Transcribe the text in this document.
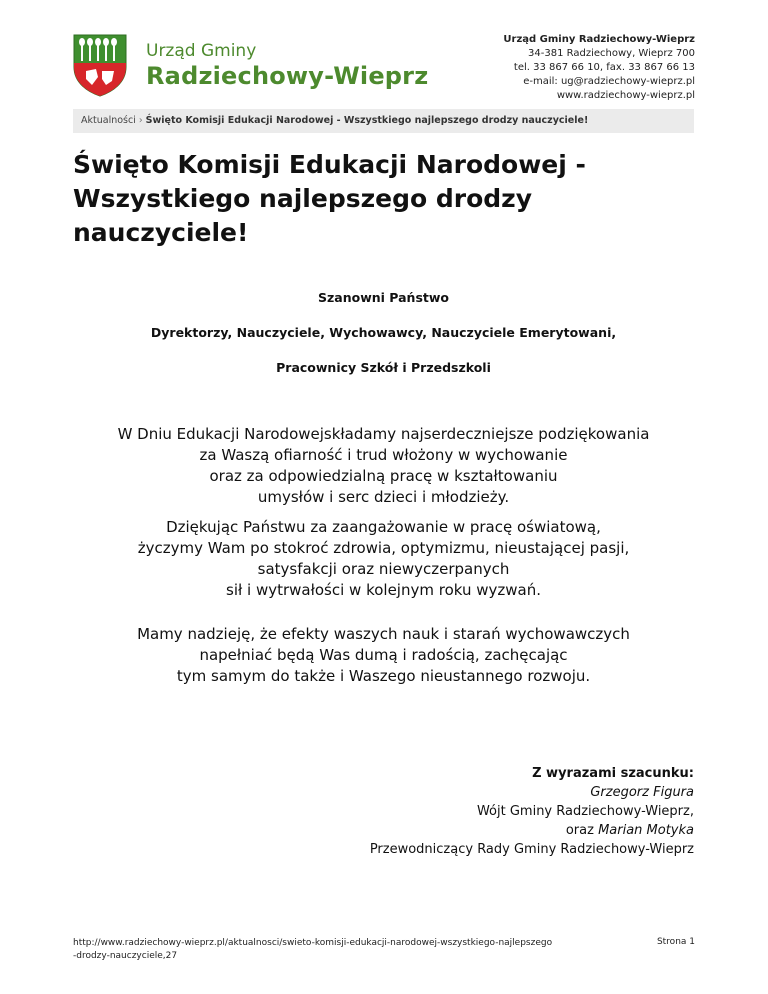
Urząd Gminy
Radziechowy-Wieprz
Urząd Gminy Radziechowy-Wieprz
34-381 Radziechowy, Wieprz 700
tel. 33 867 66 10, fax. 33 867 66 13
e-mail: ug@radziechowy-wieprz.pl
www.radziechowy-wieprz.pl
Aktualności › Święto Komisji Edukacji Narodowej - Wszystkiego najlepszego drodzy nauczyciele!
Święto Komisji Edukacji Narodowej - Wszystkiego najlepszego drodzy nauczyciele!
Szanowni Państwo
Dyrektorzy, Nauczyciele, Wychowawcy, Nauczyciele Emerytowani,
Pracownicy Szkół i Przedszkoli
W Dniu Edukacji Narodowejskładamy najserdeczniejsze podziękowania
za Waszą ofiarność i trud włożony w wychowanie
oraz za odpowiedzialną pracę w kształtowaniu
umysłów i serc dzieci i młodzieży.
Dziękując Państwu za zaangażowanie w pracę oświatową,
życzymy Wam po stokroć zdrowia, optymizmu, nieustającej pasji,
satysfakcji oraz niewyczerpanych
sił i wytrwałości w kolejnym roku wyzwań.
Mamy nadzieję, że efekty waszych nauk i starań wychowawczych
napełniać będą Was dumą i radością, zachęcając
tym samym do także i Waszego nieustannego rozwoju.
Z wyrazami szacunku:
Grzegorz Figura
Wójt Gminy Radziechowy-Wieprz,
oraz Marian Motyka
Przewodniczący Rady Gminy Radziechowy-Wieprz
http://www.radziechowy-wieprz.pl/aktualnosci/swieto-komisji-edukacji-narodowej-wszystkiego-najlepszego
-drodzy-nauczyciele,27
Strona 1
